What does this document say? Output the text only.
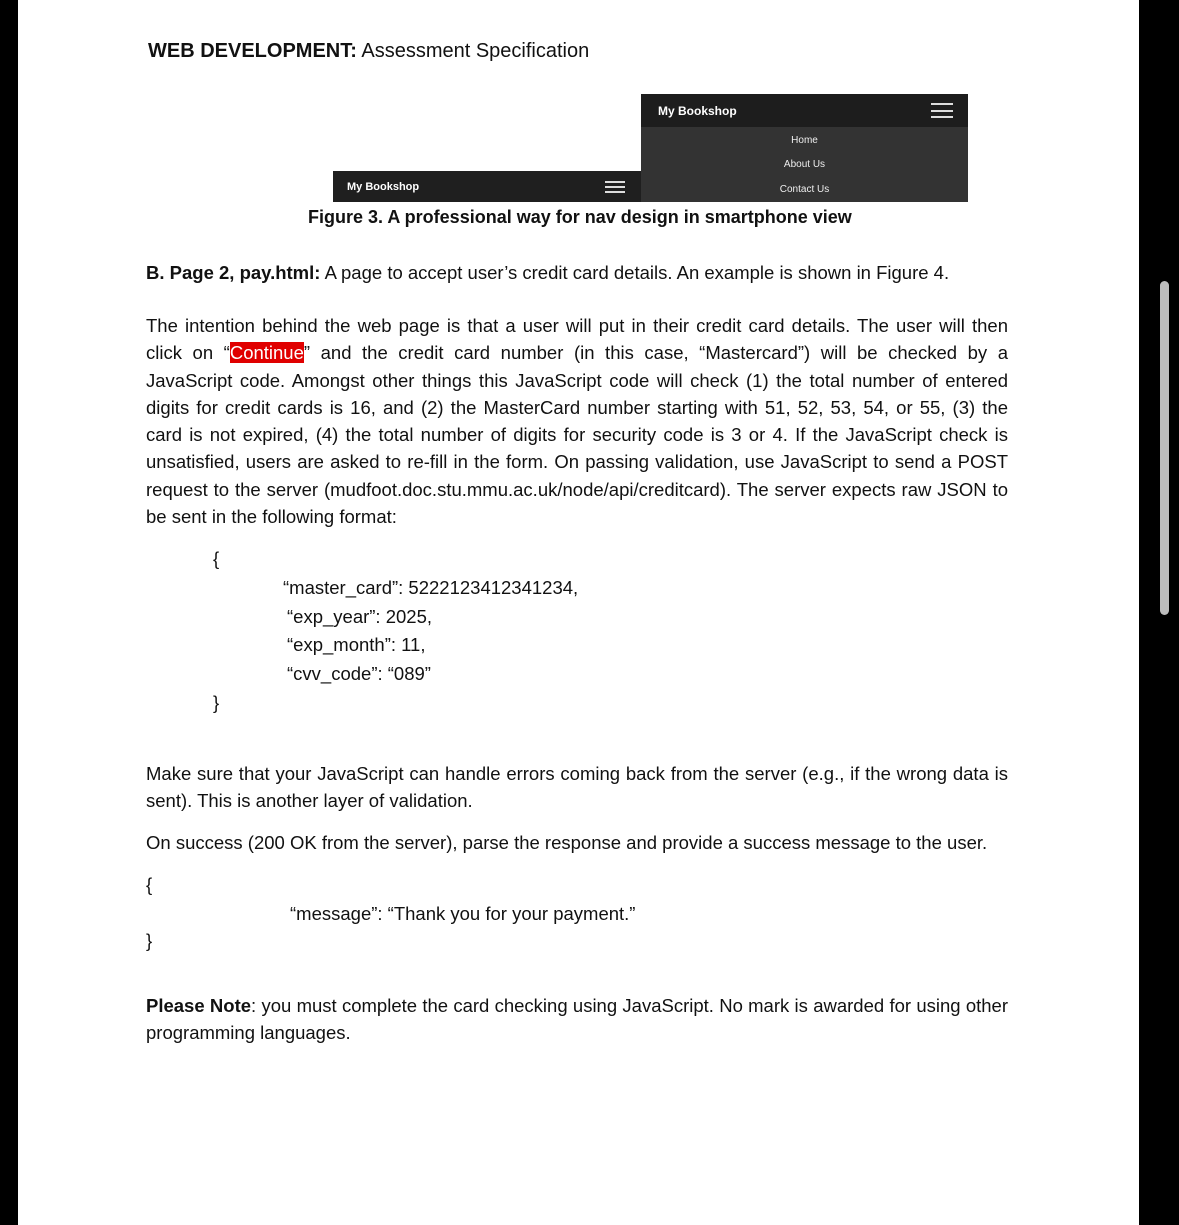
WEB DEVELOPMENT: Assessment Specification
My Bookshop
My Bookshop
Home
About Us
Contact Us
Figure 3. A professional way for nav design in smartphone view
B. Page 2, pay.html: A page to accept user’s credit card details. An example is shown in Figure 4.
The intention behind the web page is that a user will put in their credit card details. The user will then click on “Continue” and the credit card number (in this case, “Mastercard”) will be checked by a JavaScript code. Amongst other things this JavaScript code will check (1) the total number of entered digits for credit cards is 16, and (2) the MasterCard number starting with 51, 52, 53, 54, or 55, (3) the card is not expired, (4) the total number of digits for security code is 3 or 4. If the JavaScript check is unsatisfied, users are asked to re-fill in the form. On passing validation, use JavaScript to send a POST request to the server (mudfoot.doc.stu.mmu.ac.uk/node/api/creditcard). The server expects raw JSON to be sent in the following format:
{
“master_card”: 5222123412341234,
“exp_year”: 2025,
“exp_month”: 11,
“cvv_code”: “089”
}
Make sure that your JavaScript can handle errors coming back from the server (e.g., if the wrong data is sent). This is another layer of validation.
On success (200 OK from the server), parse the response and provide a success message to the user.
{
“message”: “Thank you for your payment.”
}
Please Note: you must complete the card checking using JavaScript. No mark is awarded for using other programming languages.
